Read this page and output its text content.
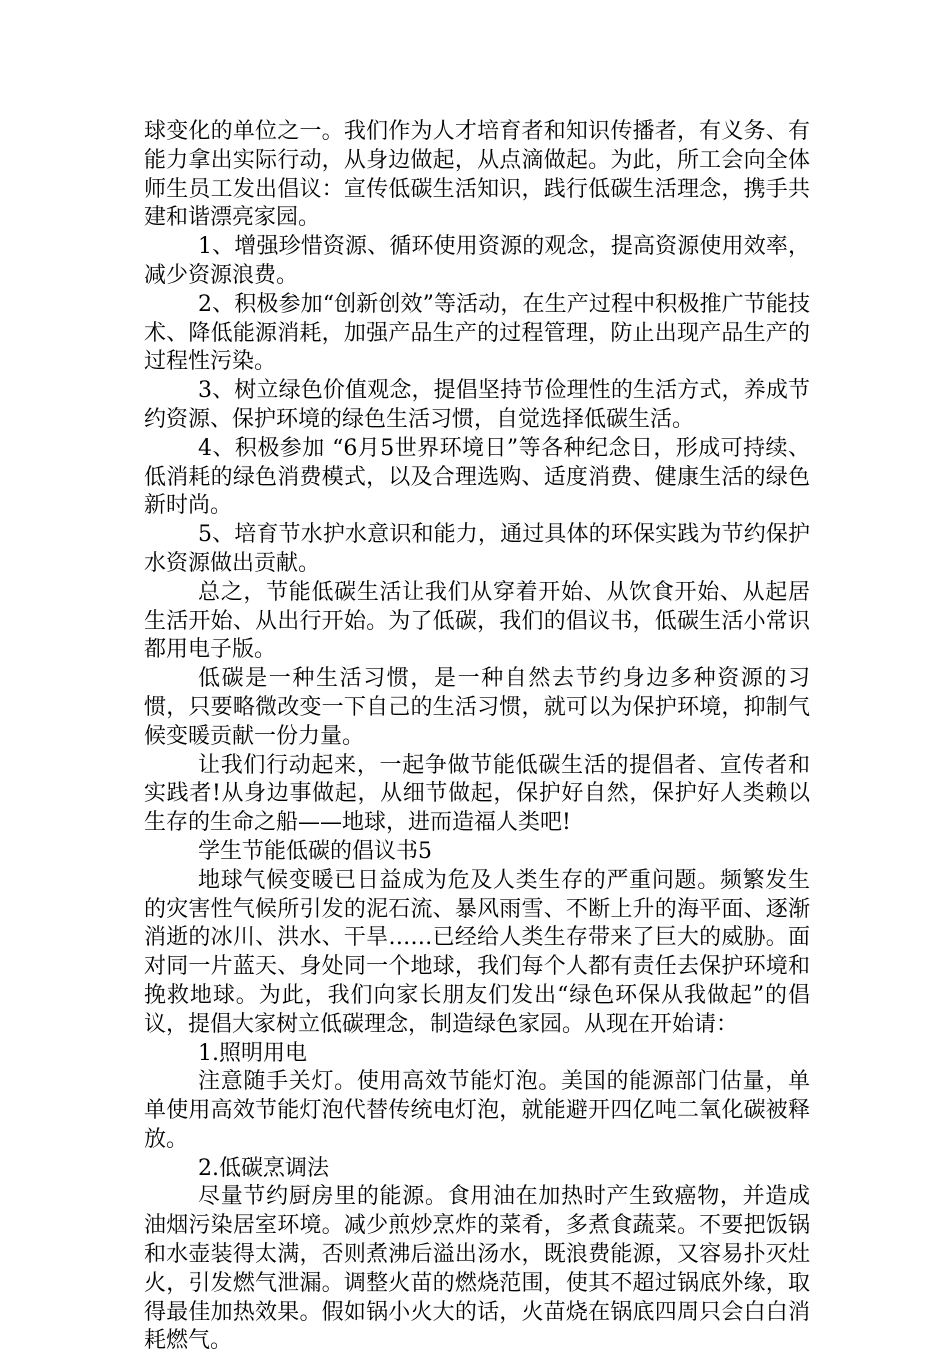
球变化的单位之一。我们作为人才培育者和知识传播者，有义务、有能力拿出实际行动，从身边做起，从点滴做起。为此，所工会向全体师生员工发出倡议：宣传低碳生活知识，践行低碳生活理念，携手共建和谐漂亮家园。

1、增强珍惜资源、循环使用资源的观念，提高资源使用效率，减少资源浪费。

2、积极参加“创新创效”等活动，在生产过程中积极推广节能技术、降低能源消耗，加强产品生产的过程管理，防止出现产品生产的过程性污染。

3、树立绿色价值观念，提倡坚持节俭理性的生活方式，养成节约资源、保护环境的绿色生活习惯，自觉选择低碳生活。

4、积极参加 “6月5世界环境日”等各种纪念日，形成可持续、低消耗的绿色消费模式，以及合理选购、适度消费、健康生活的绿色新时尚。

5、培育节水护水意识和能力，通过具体的环保实践为节约保护水资源做出贡献。

总之，节能低碳生活让我们从穿着开始、从饮食开始、从起居生活开始、从出行开始。为了低碳，我们的倡议书，低碳生活小常识都用电子版。

低碳是一种生活习惯，是一种自然去节约身边多种资源的习惯，只要略微改变一下自己的生活习惯，就可以为保护环境，抑制气候变暖贡献一份力量。

让我们行动起来，一起争做节能低碳生活的提倡者、宣传者和实践者!从身边事做起，从细节做起，保护好自然，保护好人类赖以生存的生命之船——地球，进而造福人类吧!

学生节能低碳的倡议书5

地球气候变暖已日益成为危及人类生存的严重问题。频繁发生的灾害性气候所引发的泥石流、暴风雨雪、不断上升的海平面、逐渐消逝的冰川、洪水、干旱……已经给人类生存带来了巨大的威胁。面对同一片蓝天、身处同一个地球，我们每个人都有责任去保护环境和挽救地球。为此，我们向家长朋友们发出“绿色环保从我做起”的倡议，提倡大家树立低碳理念，制造绿色家园。从现在开始请：

1.照明用电

注意随手关灯。使用高效节能灯泡。美国的能源部门估量，单单使用高效节能灯泡代替传统电灯泡，就能避开四亿吨二氧化碳被释放。

2.低碳烹调法

尽量节约厨房里的能源。食用油在加热时产生致癌物，并造成油烟污染居室环境。减少煎炒烹炸的菜肴，多煮食蔬菜。不要把饭锅和水壶装得太满，否则煮沸后溢出汤水，既浪费能源，又容易扑灭灶火，引发燃气泄漏。调整火苗的燃烧范围，使其不超过锅底外缘，取得最佳加热效果。假如锅小火大的话，火苗烧在锅底四周只会白白消耗燃气。
